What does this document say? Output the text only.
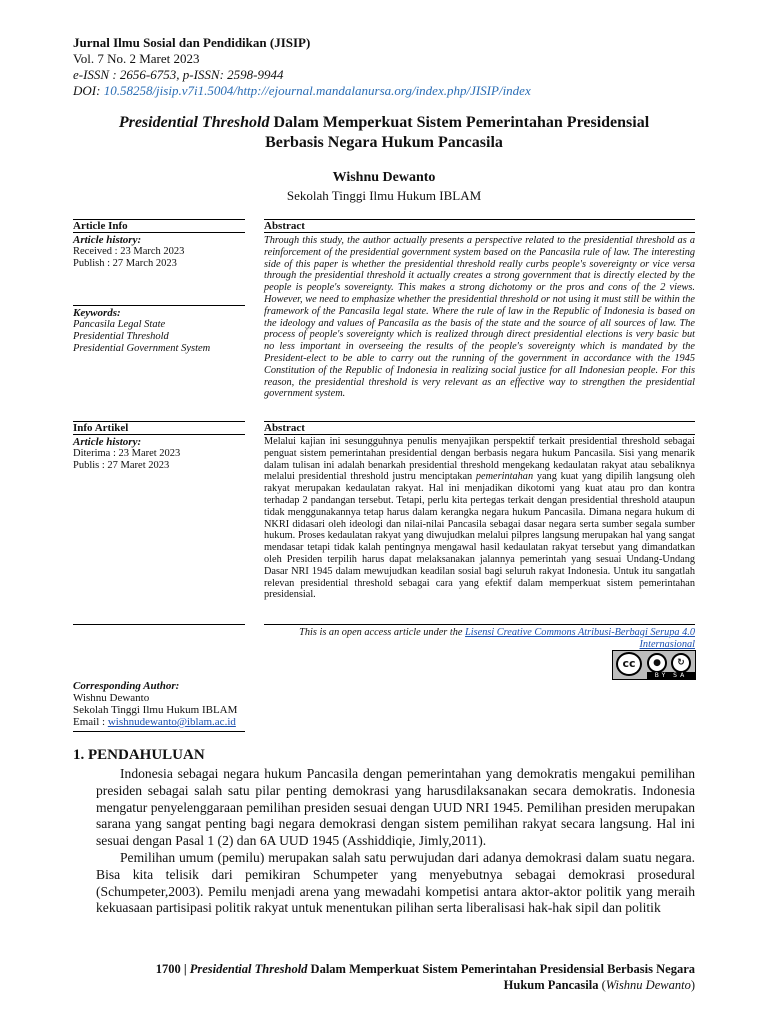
Jurnal Ilmu Sosial dan Pendidikan (JISIP)
Vol. 7 No. 2 Maret 2023
e-ISSN : 2656-6753, p-ISSN: 2598-9944
DOI: 10.58258/jisip.v7i1.5004/http://ejournal.mandalanursa.org/index.php/JISIP/index
Presidential Threshold Dalam Memperkuat Sistem Pemerintahan Presidensial
Berbasis Negara Hukum Pancasila
Wishnu Dewanto
Sekolah Tinggi Ilmu Hukum IBLAM
Article Info	Abstract
Article history:
Received : 23 March 2023
Publish : 27 March 2023
Keywords:
Pancasila Legal State
Presidential Threshold
Presidential Government System
Through this study, the author actually presents a perspective related to the presidential threshold as a reinforcement of the presidential government system based on the Pancasila rule of law. The interesting side of this paper is whether the presidential threshold really curbs people's sovereignty or vice versa through the presidential threshold it actually creates a strong government that is directly elected by the people is people's sovereignty. This makes a strong dichotomy or the pros and cons of the 2 views. However, we need to emphasize whether the presidential threshold or not using it must still be within the framework of the Pancasila legal state. Where the rule of law in the Republic of Indonesia is based on the ideology and values of Pancasila as the basis of the state and the source of all sources of law. The process of people's sovereignty which is realized through direct presidential elections is very basic but no less important in overseeing the results of the people's sovereignty which is mandated by the President-elect to be able to carry out the running of the government in accordance with the 1945 Constitution of the Republic of Indonesia in realizing social justice for all Indonesian people. For this reason, the presidential threshold is very relevant as an effective way to strengthen the presidential government system.
Info Artikel	Abstract
Article history:
Diterima : 23 Maret 2023
Publis : 27 Maret 2023
Melalui kajian ini sesungguhnya penulis menyajikan perspektif terkait presidential threshold sebagai penguat sistem pemerintahan presidential dengan berbasis negara hukum Pancasila. Sisi yang menarik dalam tulisan ini adalah benarkah presidential threshold mengekang kedaulatan rakyat atau sebaliknya melalui presidential threshold justru menciptakan pemerintahan yang kuat yang dipilih langsung oleh rakyat merupakan kedaulatan rakyat. Hal ini menjadikan dikotomi yang kuat atau pro dan kontra terhadap 2 pandangan tersebut. Tetapi, perlu kita pertegas terkait dengan presidential threshold ataupun tidak menggunakannya tetap harus dalam kerangka negara hukum Pancasila. Dimana negara hukum di NKRI didasari oleh ideologi dan nilai-nilai Pancasila sebagai dasar negara serta sumber segala sumber hukum. Proses kedaulatan rakyat yang diwujudkan melalui pilpres langsung merupakan hal yang sangat mendasar tetapi tidak kalah pentingnya mengawal hasil kedaulatan rakyat tersebut yang dimandatkan oleh Presiden terpilih harus dapat melaksanakan jalannya pemerintah yang sesuai Undang-Undang Dasar NRI 1945 dalam mewujudkan keadilan sosial bagi seluruh rakyat Indonesia. Untuk itu sangatlah relevan presidential threshold sebagai cara yang efektif dalam memperkuat sistem pemerintahan presidensial.
This is an open access article under the Lisensi Creative Commons Atribusi-Berbagi Serupa 4.0 Internasional
cc	●	↻
BY SA
Corresponding Author:
Wishnu Dewanto
Sekolah Tinggi Ilmu Hukum IBLAM
Email : wishnudewanto@iblam.ac.id
1. PENDAHULUAN

Indonesia sebagai negara hukum Pancasila dengan pemerintahan yang demokratis mengakui pemilihan presiden sebagai salah satu pilar penting demokrasi yang harusdilaksanakan secara demokratis. Indonesia mengatur penyelenggaraan pemilihan presiden sesuai dengan UUD NRI 1945. Pemilihan presiden merupakan sarana yang sangat penting bagi negara demokrasi dengan sistem pemilihan rakyat secara langsung. Hal ini sesuai dengan Pasal 1 (2) dan 6A UUD 1945 (Asshiddiqie, Jimly,2011).

Pemilihan umum (pemilu) merupakan salah satu perwujudan dari adanya demokrasi dalam suatu negara. Bisa kita telisik dari pemikiran Schumpeter yang menyebutnya sebagai demokrasi prosedural (Schumpeter,2003). Pemilu menjadi arena yang mewadahi kompetisi antara aktor-aktor politik yang meraih kekuasaan partisipasi politik rakyat untuk menentukan pilihan serta liberalisasi hak-hak sipil dan politik

1700 | Presidential Threshold Dalam Memperkuat Sistem Pemerintahan Presidensial Berbasis Negara
Hukum Pancasila (Wishnu Dewanto)
